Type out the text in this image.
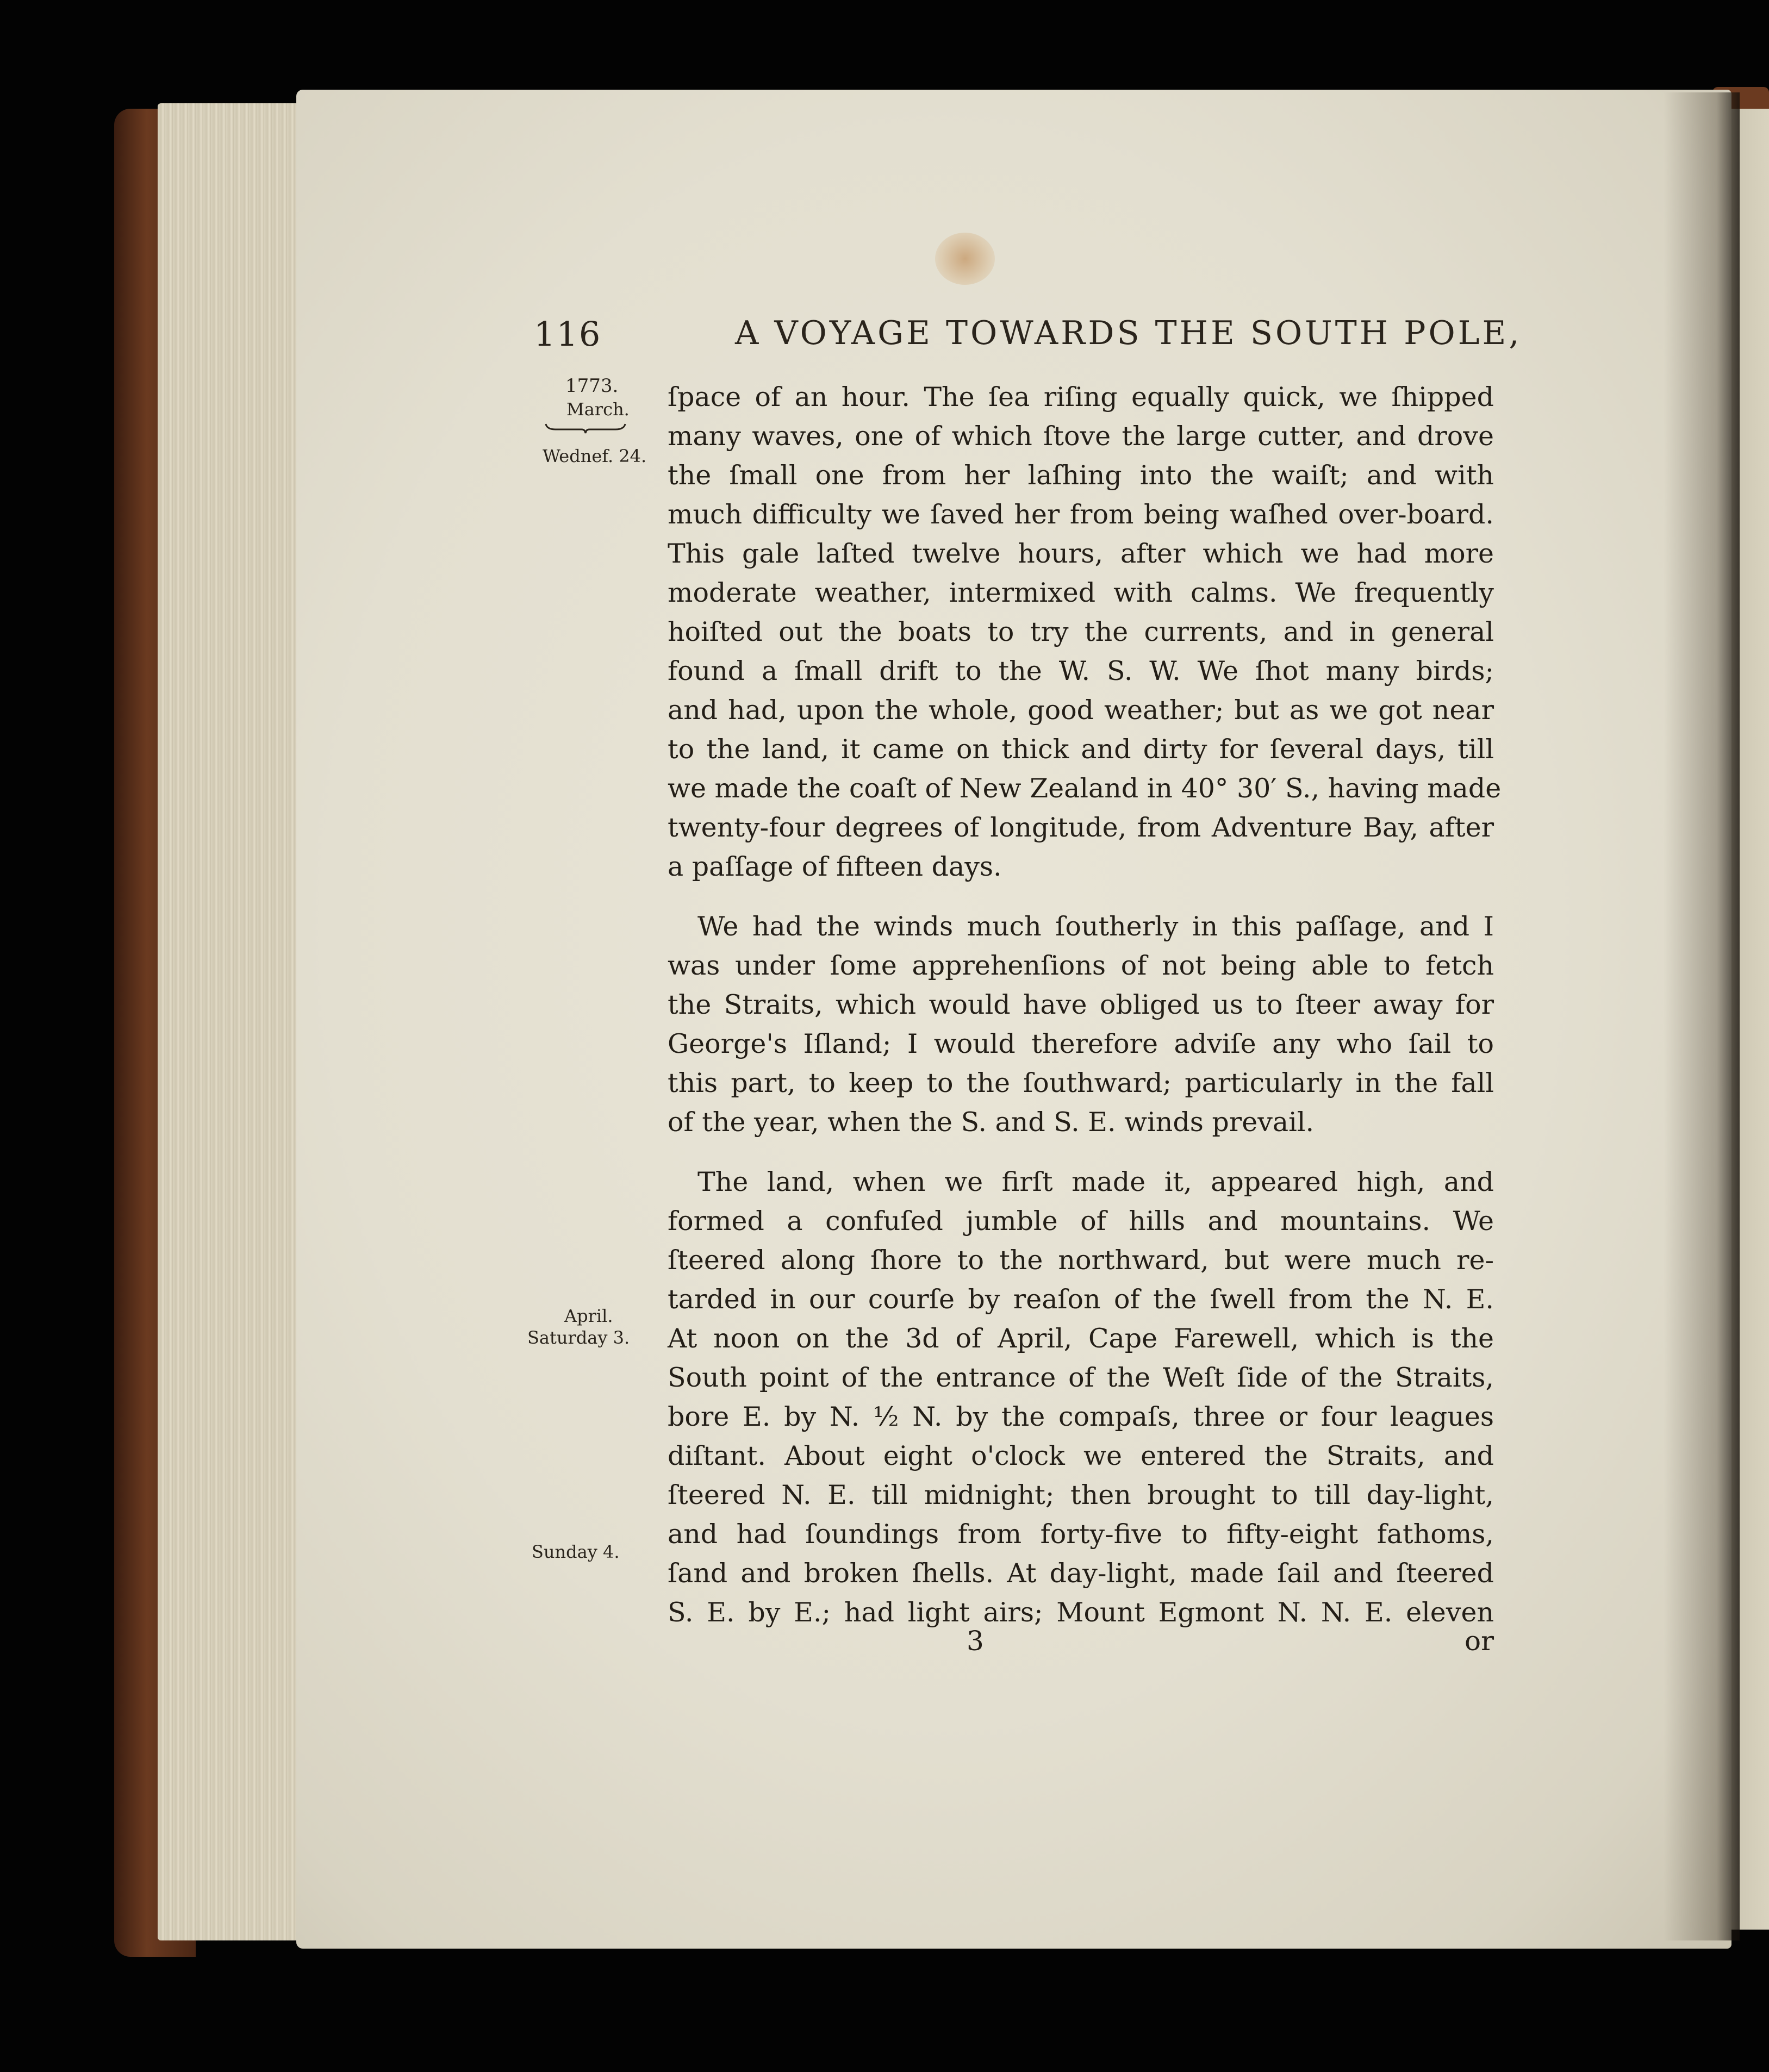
116	A VOYAGE TOWARDS THE SOUTH POLE,
1773.
March.
Wednef. 24.
April.
Saturday 3.
Sunday 4.
ſpace of an hour. The ſea riſing equally quick, we ſhipped
many waves, one of which ſtove the large cutter, and drove
the ſmall one from her laſhing into the waiſt; and with
much difficulty we ſaved her from being waſhed over-board.
This gale laſted twelve hours, after which we had more
moderate weather, intermixed with calms. We frequently
hoiſted out the boats to try the currents, and in general
found a ſmall drift to the W. S. W. We ſhot many birds;
and had, upon the whole, good weather; but as we got near
to the land, it came on thick and dirty for ſeveral days, till
we made the coaſt of New Zealand in 40° 30′ S., having made
twenty-four degrees of longitude, from Adventure Bay, after
a paſſage of fifteen days.
We had the winds much ſoutherly in this paſſage, and I
was under ſome apprehenſions of not being able to fetch
the Straits, which would have obliged us to ſteer away for
George's Iſland; I would therefore adviſe any who ſail to
this part, to keep to the ſouthward; particularly in the fall
of the year, when the S. and S. E. winds prevail.
The land, when we firſt made it, appeared high, and
formed a confuſed jumble of hills and mountains. We
ſteered along ſhore to the northward, but were much re-
tarded in our courſe by reaſon of the ſwell from the N. E.
At noon on the 3d of April, Cape Farewell, which is the
South point of the entrance of the Weſt ſide of the Straits,
bore E. by N. ½ N. by the compaſs, three or four leagues
diſtant. About eight o'clock we entered the Straits, and
ſteered N. E. till midnight; then brought to till day-light,
and had ſoundings from forty-five to fifty-eight fathoms,
ſand and broken ſhells. At day-light, made ſail and ſteered
S. E. by E.; had light airs; Mount Egmont N. N. E. eleven
3	or
